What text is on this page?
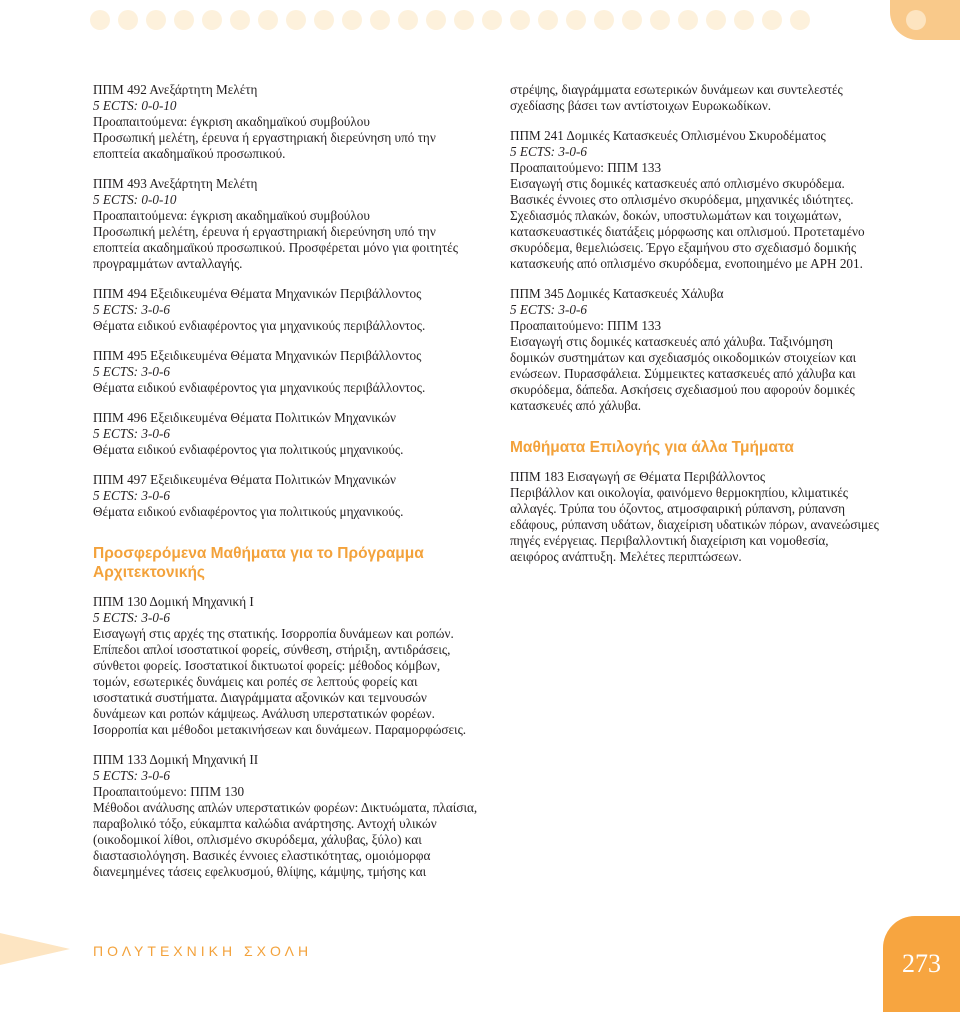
ΠΠΜ 492 Ανεξάρτητη Μελέτη
5 ECTS: 0-0-10
Προαπαιτούμενα: έγκριση ακαδημαϊκού συμβούλου
Προσωπική μελέτη, έρευνα ή εργαστηριακή διερεύνηση υπό την εποπτεία ακαδημαϊκού προσωπικού.
ΠΠΜ 493 Ανεξάρτητη Μελέτη
5 ECTS: 0-0-10
Προαπαιτούμενα: έγκριση ακαδημαϊκού συμβούλου
Προσωπική μελέτη, έρευνα ή εργαστηριακή διερεύνηση υπό την εποπτεία ακαδημαϊκού προσωπικού. Προσφέρεται μόνο για φοιτητές προγραμμάτων ανταλλαγής.
ΠΠΜ 494 Εξειδικευμένα Θέματα Μηχανικών Περιβάλλοντος
5 ECTS: 3-0-6
Θέματα ειδικού ενδιαφέροντος για μηχανικούς περιβάλλοντος.
ΠΠΜ 495 Εξειδικευμένα Θέματα Μηχανικών Περιβάλλοντος
5 ECTS: 3-0-6
Θέματα ειδικού ενδιαφέροντος για μηχανικούς περιβάλλοντος.
ΠΠΜ 496 Εξειδικευμένα Θέματα Πολιτικών Μηχανικών
5 ECTS: 3-0-6
Θέματα ειδικού ενδιαφέροντος για πολιτικούς μηχανικούς.
ΠΠΜ 497 Εξειδικευμένα Θέματα Πολιτικών Μηχανικών
5 ECTS: 3-0-6
Θέματα ειδικού ενδιαφέροντος για πολιτικούς μηχανικούς.
Προσφερόμενα Μαθήματα για το Πρόγραμμα Αρχιτεκτονικής
ΠΠΜ 130 Δομική Μηχανική Ι
5 ECTS: 3-0-6
Εισαγωγή στις αρχές της στατικής. Ισορροπία δυνάμεων και ροπών. Επίπεδοι απλοί ισοστατικοί φορείς, σύνθεση, στήριξη, αντιδράσεις, σύνθετοι φορείς. Ισοστατικοί δικτυωτοί φορείς: μέθοδος κόμβων, τομών, εσωτερικές δυνάμεις και ροπές σε λεπτούς φορείς και ισοστατικά συστήματα. Διαγράμματα αξονικών και τεμνουσών δυνάμεων και ροπών κάμψεως. Ανάλυση υπερστατικών φορέων. Ισορροπία και μέθοδοι μετακινήσεων και δυνάμεων. Παραμορφώσεις.
ΠΠΜ 133 Δομική Μηχανική ΙΙ
5 ECTS: 3-0-6
Προαπαιτούμενο: ΠΠΜ 130
Μέθοδοι ανάλυσης απλών υπερστατικών φορέων: Δικτυώματα, πλαίσια, παραβολικό τόξο, εύκαμπτα καλώδια ανάρτησης. Αντοχή υλικών (οικοδομικοί λίθοι, οπλισμένο σκυρόδεμα, χάλυβας, ξύλο) και διαστασιολόγηση. Βασικές έννοιες ελαστικότητας, ομοιόμορφα διανεμημένες τάσεις εφελκυσμού, θλίψης, κάμψης, τμήσης και
στρέψης, διαγράμματα εσωτερικών δυνάμεων και συντελεστές σχεδίασης βάσει των αντίστοιχων Ευρωκωδίκων.
ΠΠΜ 241 Δομικές Κατασκευές Οπλισμένου Σκυροδέματος
5 ECTS: 3-0-6
Προαπαιτούμενο: ΠΠΜ 133
Εισαγωγή στις δομικές κατασκευές από οπλισμένο σκυρόδεμα. Βασικές έννοιες στο οπλισμένο σκυρόδεμα, μηχανικές ιδιότητες. Σχεδιασμός πλακών, δοκών, υποστυλωμάτων και τοιχωμάτων, κατασκευαστικές διατάξεις μόρφωσης και οπλισμού. Προτεταμένο σκυρόδεμα, θεμελιώσεις. Έργο εξαμήνου στο σχεδιασμό δομικής κατασκευής από οπλισμένο σκυρόδεμα, ενοποιημένο με ΑΡΗ 201.
ΠΠΜ 345 Δομικές Κατασκευές Χάλυβα
5 ECTS: 3-0-6
Προαπαιτούμενο: ΠΠΜ 133
Εισαγωγή στις δομικές κατασκευές από χάλυβα. Ταξινόμηση δομικών συστημάτων και σχεδιασμός οικοδομικών στοιχείων και ενώσεων. Πυρασφάλεια. Σύμμεικτες κατασκευές από χάλυβα και σκυρόδεμα, δάπεδα. Ασκήσεις σχεδιασμού που αφορούν δομικές κατασκευές από χάλυβα.
Μαθήματα Επιλογής για άλλα Τμήματα
ΠΠΜ 183 Εισαγωγή σε Θέματα Περιβάλλοντος
Περιβάλλον και οικολογία, φαινόμενο θερμοκηπίου, κλιματικές αλλαγές. Τρύπα του όζοντος, ατμοσφαιρική ρύπανση, ρύπανση εδάφους, ρύπανση υδάτων, διαχείριση υδατικών πόρων, ανανεώσιμες πηγές ενέργειας. Περιβαλλοντική διαχείριση και νομοθεσία, αειφόρος ανάπτυξη. Μελέτες περιπτώσεων.
ΠΟΛΥΤΕΧΝΙΚΗ ΣΧΟΛΗ	273
